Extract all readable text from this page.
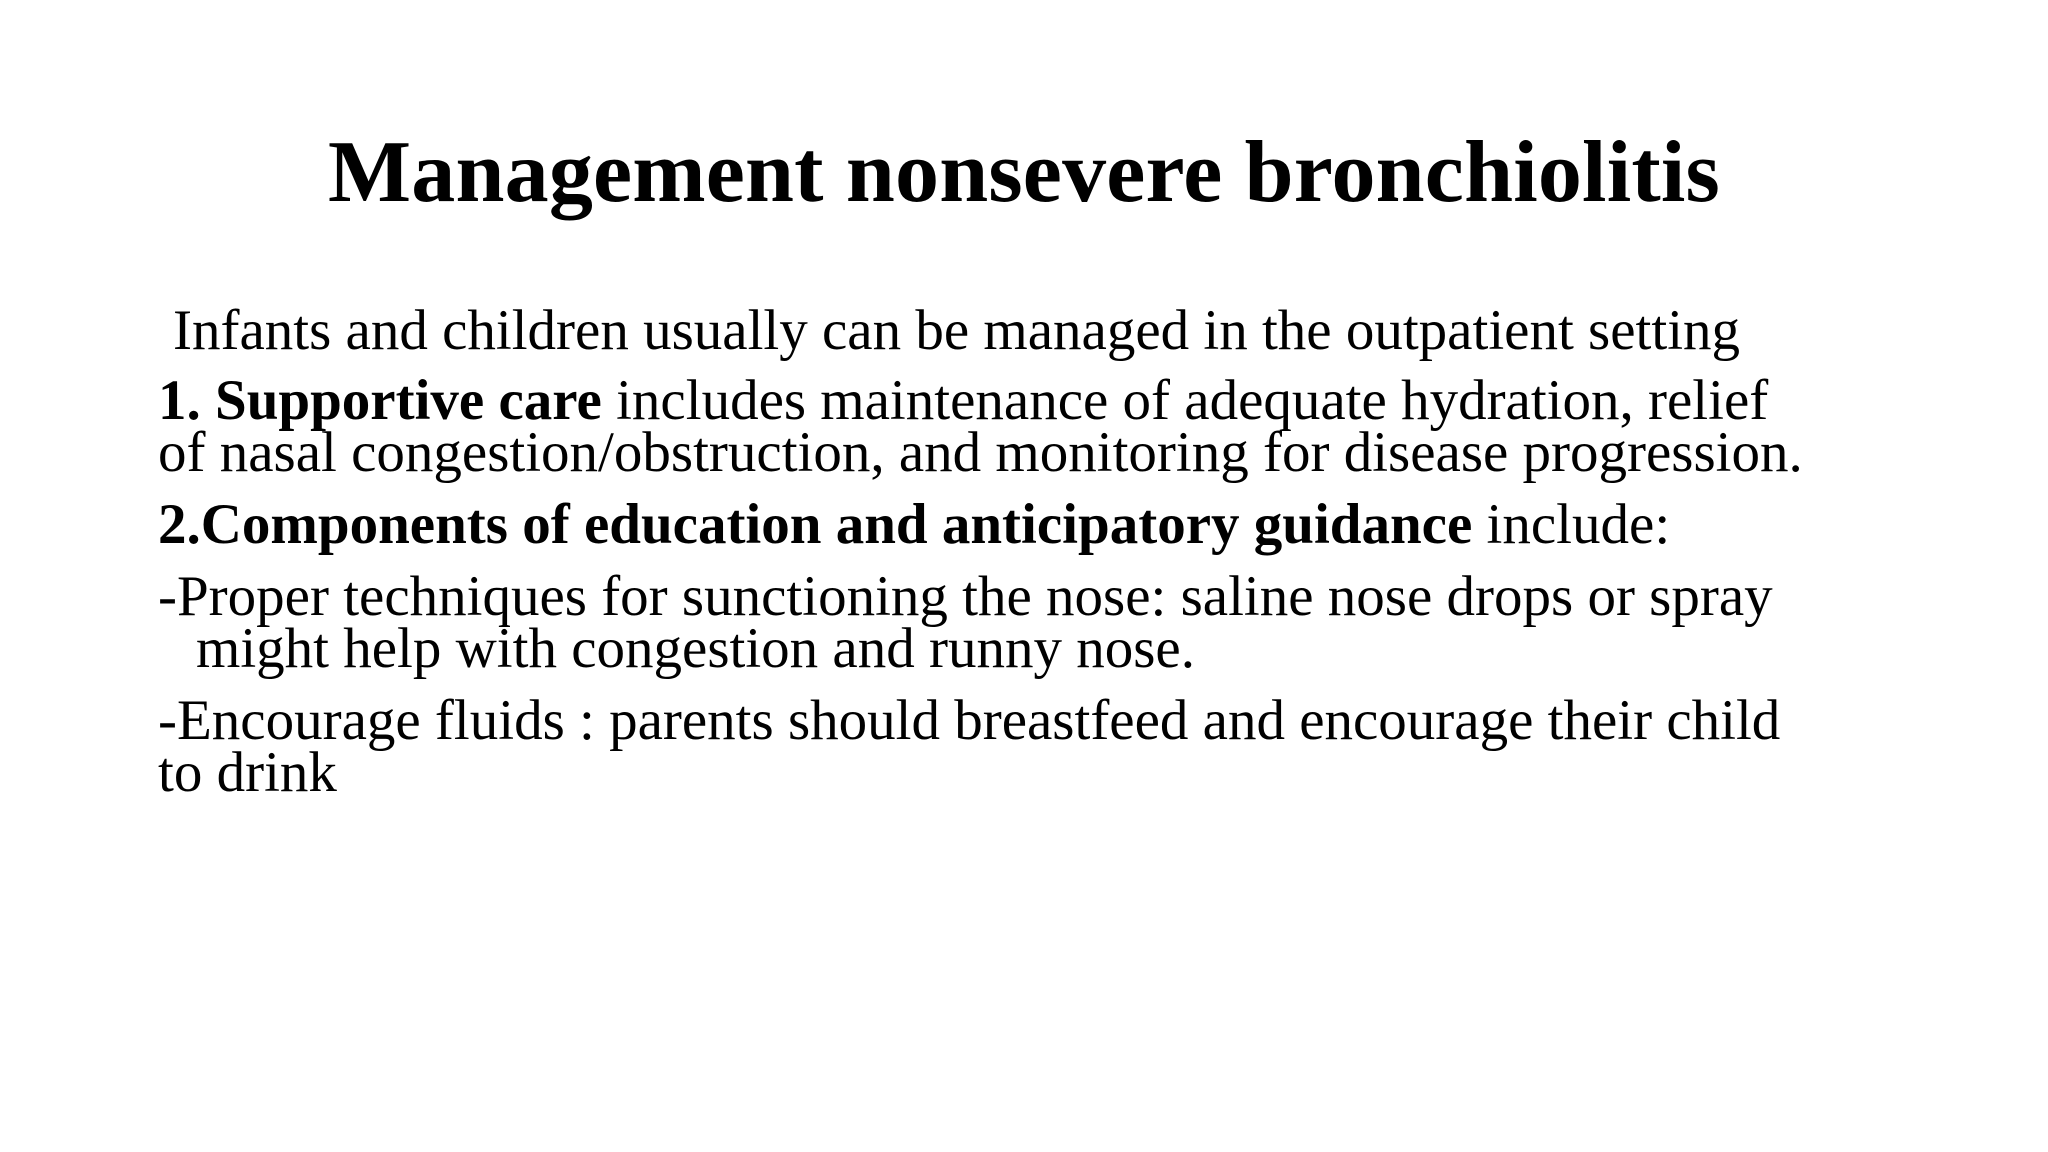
Management nonsevere bronchiolitis

Infants and children usually can be managed in the outpatient setting

1. Supportive care includes maintenance of adequate hydration, relief

of nasal congestion/obstruction, and monitoring for disease progression.

2.Components of education and anticipatory guidance include:

-Proper techniques for sunctioning the nose: saline nose drops or spray

might help with congestion and runny nose.

-Encourage fluids : parents should breastfeed and encourage their child

to drink
